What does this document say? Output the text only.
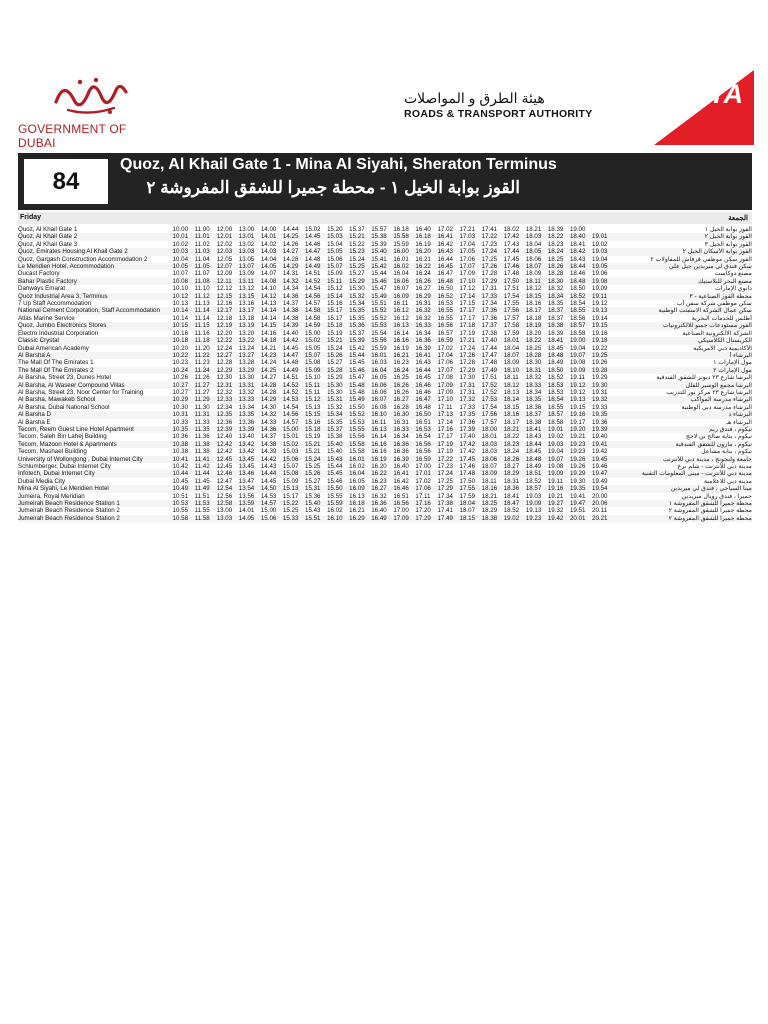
GOVERNMENT OF DUBAI
هيئة الطرق و المواصلات
ROADS & TRANSPORT AUTHORITY
RTA
84
Quoz, Al Khail Gate 1 - Mina Al Siyahi, Sheraton Terminus
القوز بوابة الخيل ١ - محطة جميرا للشقق المفروشة ٢
Friday	الجمعة
Quoz, Al Khail Gate 1	10.00	11.00	12.00	13.00	14.00	14.44	15.02	15.20	15.37	15.57	16.18	16.40	17.02	17.21	17.41	18.02	18.21	18.39	19.00		القوز بوابة الخيل ١
Quoz, Al Khail Gate 2	10.01	11.01	12.01	13.01	14.01	14.25	14.45	15.03	15.21	15.38	15.58	16.18	16.41	17.03	17.22	17.42	18.03	18.22	18.40	19.01	القوز بوابة الخيل ٢
Quoz, Al Khail Gate 3	10.02	11.02	12.02	13.02	14.02	14.26	14.46	15.04	15.22	15.39	15.59	16.19	16.42	17.04	17.23	17.43	18.04	18.23	18.41	19.02	القوز بوابة الخيل ٣
Quoz, Emirates Housing Al Khail Gate 2	10.03	11.03	12.03	13.03	14.03	14.27	14.47	15.05	15.23	15.40	16.00	16.20	16.43	17.05	17.24	17.44	18.05	18.24	18.42	19.03	القوز بوابة الأسكان الخيل ٢
Quoz, Gargash Construction Accommodation 2	10.04	11.04	12.05	13.05	14.04	14.28	14.48	15.06	15.24	15.41	16.01	16.21	16.44	17.06	17.25	17.45	18.06	18.25	18.43	19.04	القوز سكن موظفي قرقاش للمقاولات ٢
Le Meridien Hotel, Accommodation	10.05	11.05	12.07	13.07	14.05	14.29	14.49	15.07	15.25	15.42	16.02	16.22	16.45	17.07	17.26	17.46	18.07	18.26	18.44	19.05	سكن فندق لي ميريدين جبل علي
Ducast Factory	10.07	11.07	12.09	13.09	14.07	14.31	14.51	15.09	15.27	15.44	16.04	16.24	16.47	17.09	17.28	17.48	18.09	18.28	18.46	19.06	مصنع دوكاست
Bahar Plastic Factory	10.08	11.08	12.11	13.11	14.08	14.32	14.52	15.11	15.29	15.46	16.06	16.26	16.48	17.10	17.29	17.50	18.11	18.30	18.48	19.08	مصنع البحر للبلاستيك
Danways Emarat	10.10	11.10	12.12	13.12	14.10	14.34	14.54	15.12	15.30	15.47	16.07	16.27	16.50	17.12	17.31	17.51	18.12	18.32	18.50	19.09	دانوي الإمارات
Quoz Industrial Area 3, Terminus	10.12	11.12	12.15	13.15	14.12	14.36	14.56	15.14	15.32	15.49	16.09	16.29	16.52	17.14	17.33	17.54	18.15	18.34	18.52	19.11	محطة القوز الصناعية - ٣
7 Up Staff Accommodation	10.13	11.13	12.16	13.16	14.13	14.37	14.57	15.16	15.34	15.51	16.11	16.31	16.53	17.15	17.34	17.55	18.16	18.35	18.54	19.12	سكن موظفي شركة سفن أب
National Cement Corporation, Staff Accommodation	10.14	11.14	12.17	13.17	14.14	14.38	14.58	15.17	15.35	15.52	16.12	16.32	16.55	17.17	17.36	17.56	18.17	18.37	18.55	19.13	سكن عمال الشركة الاسمنت الوطنية
Atlas Marine Service	10.14	11.14	12.18	13.18	14.14	14.38	14.58	15.17	15.35	15.52	16.12	16.32	16.55	17.17	17.36	17.57	18.18	18.37	18.56	19.14	أطلس للخدمات البحرية
Quoz, Jumbo Electronics Stores	10.15	11.15	12.19	13.19	14.15	14.39	14.59	15.18	15.36	15.53	16.13	16.33	16.56	17.18	17.37	17.58	18.19	18.38	18.57	19.15	القوز مستودعات جمبو للالكترونيات
Electro Industrial Corporation	10.16	11.16	12.20	13.20	14.16	14.40	15.00	15.19	15.37	15.54	16.14	16.34	16.57	17.19	17.38	17.59	18.20	18.39	18.58	19.16	الشركة الالكترونية الصناعية
Classic Crystal	10.18	11.18	12.22	13.22	14.18	14.42	15.02	15.21	15.39	15.56	16.16	16.36	16.59	17.21	17.40	18.01	18.22	18.41	19.00	19.18	الكريستال الكلاسيكي
Dubai American Academy	10.20	11.20	12.24	13.24	14.21	14.45	15.05	15.24	15.42	15.59	16.19	16.39	17.02	17.24	17.44	18.04	18.25	18.45	19.04	19.22	الأكاديمية دبي الأمريكية
Al Barsha A	10.22	11.22	12.27	13.27	14.23	14.47	15.07	15.26	15.44	16.01	16.21	16.41	17.04	17.26	17.47	18.07	18.28	18.48	19.07	19.25	البرشاء أ
The Mall Of The Emirates 1	10.23	11.23	12.28	13.28	14.24	14.48	15.08	15.27	15.45	16.03	16.23	16.43	17.06	17.28	17.48	18.09	18.30	18.49	19.08	19.26	مول الإمارات ١
The Mall Of The Emirates 2	10.24	11.24	12.29	13.29	14.25	14.49	15.09	15.28	15.46	16.04	16.24	16.44	17.07	17.29	17.49	18.10	18.31	18.50	19.09	19.28	مول الإمارات ٢
Al Barsha, Street 23, Dunes Hotel	10.26	11.26	12.30	13.30	14.27	14.51	15.10	15.29	15.47	16.05	16.25	16.45	17.08	17.30	17.51	18.11	18.32	18.52	19.11	19.29	البرشا شارع ٢٣ ديونز للشقق الفندقية
Al Barsha, Al Waseer Compound Villas	10.27	11.27	12.31	13.31	14.28	14.52	15.11	15.30	15.48	16.06	16.26	16.46	17.09	17.31	17.52	18.12	18.33	18.53	19.12	19.30	البرشا مجمع الوسير للفلل
Al Barsha, Street 23, Noor Center for Training	10.27	11.27	12.32	13.32	14.28	14.52	15.11	15.30	15.48	16.06	16.26	16.46	17.09	17.31	17.52	18.13	18.34	18.53	19.12	19.31	البرشا شارع ٢٣ مركز نور للتدريب
Al Barsha, Mawakeb School	10.29	11.29	12.33	13.33	14.29	14.53	15.12	15.31	15.49	16.07	16.27	16.47	17.10	17.32	17.53	18.14	18.35	18.54	19.13	19.32	البرشاء مدرسة المواكب
Al Barsha, Dubai National School	10.30	11.30	12.34	13.34	14.30	14.54	15.13	15.32	15.50	16.08	16.28	16.48	17.11	17.33	17.54	18.15	18.36	18.55	19.15	19.33	البرشاء مدرسة دبي الوطنية
Al Barsha D	10.31	11.31	12.35	13.35	14.32	14.56	15.15	15.34	15.52	16.10	16.30	16.50	17.13	17.35	17.56	18.16	18.37	18.57	19.16	19.35	البرشاء د
Al Barsha E	10.33	11.33	12.36	13.36	14.33	14.57	15.16	15.35	15.53	16.11	16.31	16.51	17.14	17.36	17.57	18.17	18.38	18.58	19.17	19.36	البرشاء هـ
Tecom, Reem Guest Line Hotel Apartment	10.35	11.35	12.39	13.39	14.36	15.00	15.18	15.37	15.55	16.13	16.33	16.53	17.16	17.39	18.00	18.21	18.41	19.01	19.20	19.39	تيكوم ، فندق ريم
Tecom, Saleh Bin Lahej Building	10.36	11.36	12.40	13.40	14.37	15.01	15.19	15.38	15.56	16.14	16.34	16.54	17.17	17.40	18.01	18.22	18.43	19.02	19.21	19.40	تيكوم ، بناية صالح بن لاحج
Tecom, Mazoon Hotel & Apartments	10.38	11.38	12.42	13.42	14.38	15.02	15.21	15.40	15.58	16.16	16.36	16.56	17.19	17.42	18.03	18.23	18.44	19.03	19.23	19.41	تيكوم ، مازون للشقق الفندقية
Tecom, Mashael Building	10.38	11.38	12.42	13.42	14.39	15.03	15.21	15.40	15.58	16.16	16.36	16.56	17.19	17.42	18.03	18.24	18.45	19.04	19.23	19.42	تيكوم ، بناية مشاعل
University of Wollongong , Dubai Internet City	10.41	11.41	12.45	13.45	14.42	15.06	15.24	15.43	16.01	16.19	16.39	16.59	17.22	17.45	18.06	18.26	18.48	19.07	19.26	19.45	جامعة ولنجونج ، مدينة دبي للأنترنت
Schlumberger, Dubai Internet City	10.42	11.42	12.45	13.45	14.43	15.07	15.25	15.44	16.02	16.20	16.40	17.00	17.23	17.46	18.07	18.27	18.49	19.08	19.26	19.46	مدينة دبي للأنترنت - شلم برغ
Infotech, Dubai Internet City	10.44	11.44	12.46	13.46	14.44	15.08	15.26	15.45	16.04	16.22	16.41	17.01	17.24	17.48	18.09	18.29	18.51	19.09	19.29	19.47	مدينة دبي للأنترنت - مبنى المعلومات التقنية
Dubai Media City	10.45	11.45	12.47	13.47	14.45	15.09	15.27	15.46	16.05	16.23	16.42	17.02	17.25	17.50	18.11	18.31	18.52	19.11	19.30	19.49	مدينة دبي للاعلامية
Mina Al Siyahi, Le Meridien Hotel	10.49	11.49	12.54	13.54	14.50	15.13	15.31	15.50	16.09	16.27	16.46	17.06	17.29	17.55	18.16	18.36	18.57	19.16	19.35	19.54	مينا السياحي ، فندق لي ميريدين
Jumeira, Royal Meridian	10.51	11.51	12.56	13.56	14.53	15.17	15.36	15.55	16.13	16.32	16.51	17.11	17.34	17.59	18.21	18.41	19.03	19.21	19.41	20.00	جميرا ، فندق رويال ميريدين
Jumeirah Beach Residence Station 1	10.53	11.53	12.58	13.59	14.57	15.22	15.40	15.59	16.18	16.36	16.56	17.16	17.38	18.04	18.25	18.47	19.09	19.27	19.47	20.06	محطة جميرا للشقق المفروشة ١
Jumeirah Beach Residence Station 2	10.55	11.55	13.00	14.01	15.00	15.25	15.43	16.02	16.21	16.40	17.00	17.20	17.41	18.07	18.29	18.52	19.13	19.32	19.51	20.11	محطة جميرا للشقق المفروشة ٢
Jumeirah Beach Residence Station 2	10.58	11.58	13.03	14.05	15.06	15.33	15.51	16.10	16.29	16.49	17.09	17.29	17.49	18.15	18.38	19.02	19.23	19.42	20.01	20.21	محطة جميرا للشقق المفروشة ٢
